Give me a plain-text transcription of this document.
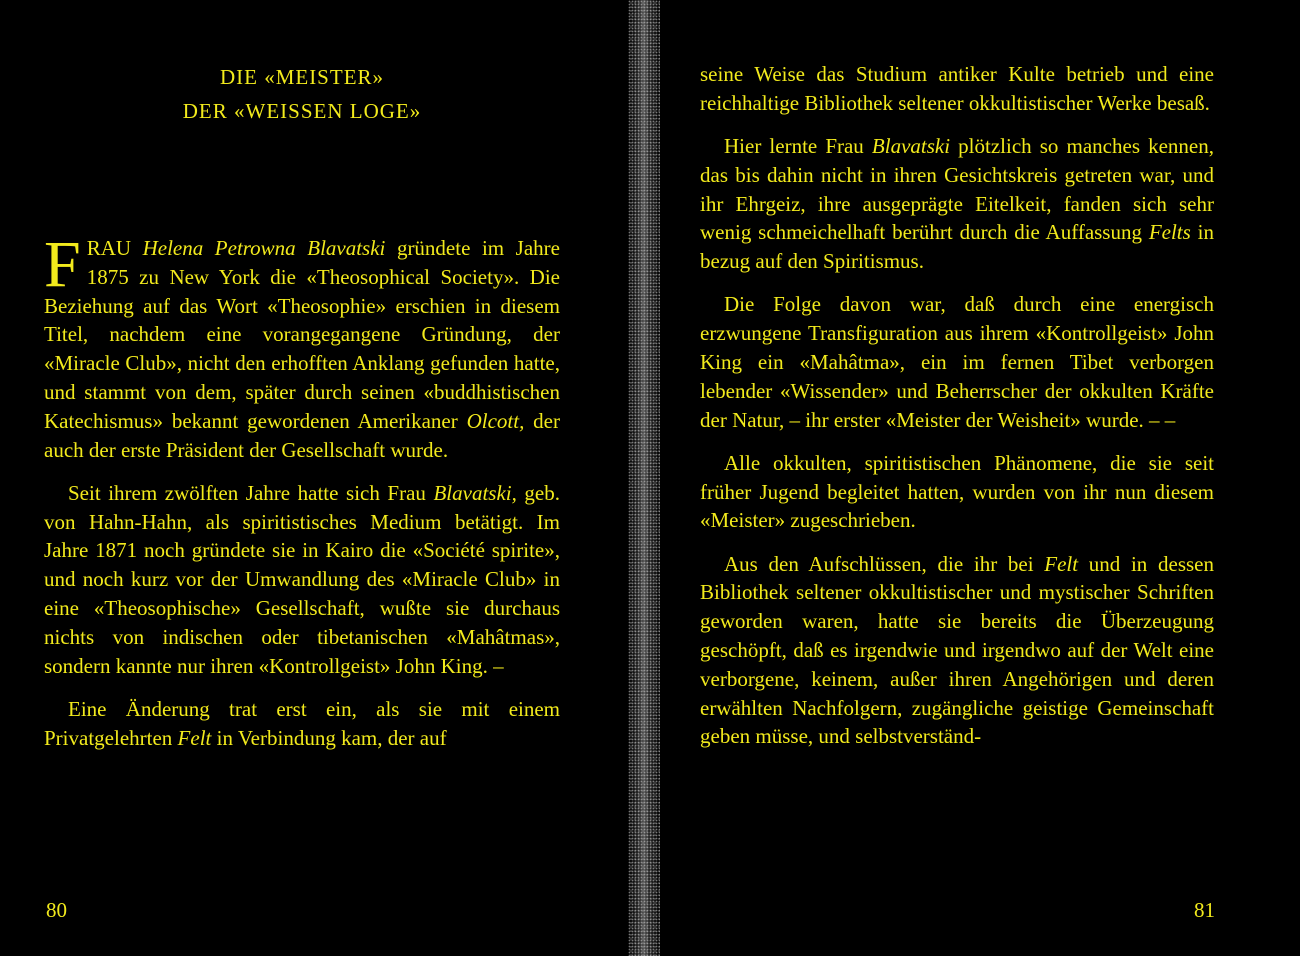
DIE «MEISTER»
DER «WEISSEN LOGE»

FRAU Helena Petrowna Blavatski gründete im Jahre 1875 zu New York die «Theosophical Society». Die Beziehung auf das Wort «Theosophie» erschien in diesem Titel, nachdem eine vorangegangene Gründung, der «Miracle Club», nicht den erhofften Anklang gefunden hatte, und stammt von dem, später durch seinen «buddhistischen Katechismus» bekannt gewordenen Amerikaner Olcott, der auch der erste Präsident der Gesellschaft wurde.

Seit ihrem zwölften Jahre hatte sich Frau Blavatski, geb. von Hahn-Hahn, als spiritistisches Medium betätigt. Im Jahre 1871 noch gründete sie in Kairo die «Société spirite», und noch kurz vor der Umwandlung des «Miracle Club» in eine «Theosophische» Gesellschaft, wußte sie durchaus nichts von indischen oder tibetanischen «Mahâtmas», sondern kannte nur ihren «Kontrollgeist» John King. –

Eine Änderung trat erst ein, als sie mit einem Privatgelehrten Felt in Verbindung kam, der auf

80

seine Weise das Studium antiker Kulte betrieb und eine reichhaltige Bibliothek seltener okkultistischer Werke besaß.

Hier lernte Frau Blavatski plötzlich so manches kennen, das bis dahin nicht in ihren Gesichtskreis getreten war, und ihr Ehrgeiz, ihre ausgeprägte Eitelkeit, fanden sich sehr wenig schmeichelhaft berührt durch die Auffassung Felts in bezug auf den Spiritismus.

Die Folge davon war, daß durch eine energisch erzwungene Transfiguration aus ihrem «Kontrollgeist» John King ein «Mahâtma», ein im fernen Tibet verborgen lebender «Wissender» und Beherrscher der okkulten Kräfte der Natur, – ihr erster «Meister der Weisheit» wurde. – –

Alle okkulten, spiritistischen Phänomene, die sie seit früher Jugend begleitet hatten, wurden von ihr nun diesem «Meister» zugeschrieben.

Aus den Aufschlüssen, die ihr bei Felt und in dessen Bibliothek seltener okkultistischer und mystischer Schriften geworden waren, hatte sie bereits die Überzeugung geschöpft, daß es irgendwie und irgendwo auf der Welt eine verborgene, keinem, außer ihren Angehörigen und deren erwählten Nachfolgern, zugängliche geistige Gemeinschaft geben müsse, und selbstverständ-

81
